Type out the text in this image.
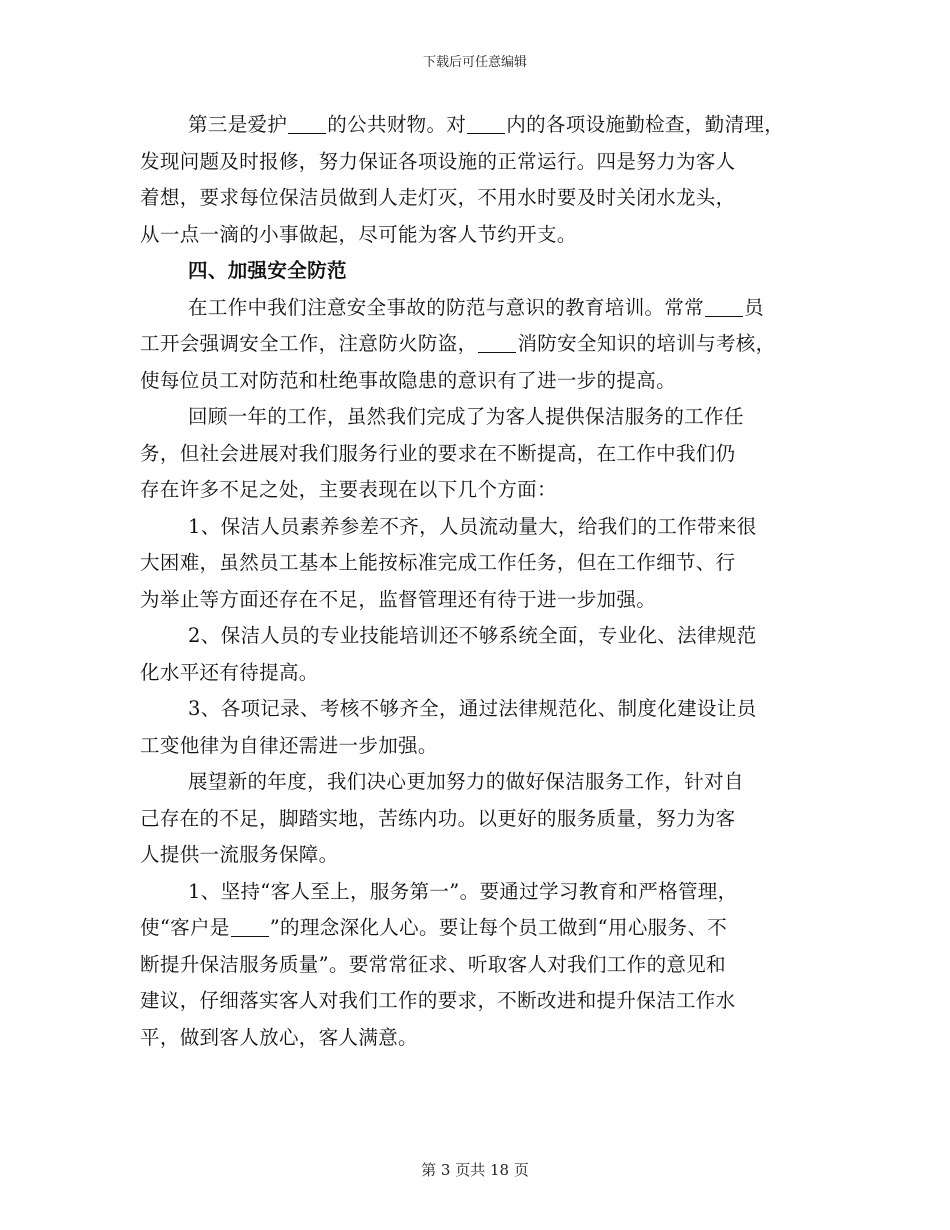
下载后可任意编辑
第三是爱护 的公共财物。对 内的各项设施勤检查，勤清理，
发现问题及时报修，努力保证各项设施的正常运行。四是努力为客人
着想，要求每位保洁员做到人走灯灭，不用水时要及时关闭水龙头，
从一点一滴的小事做起，尽可能为客人节约开支。
四、加强安全防范
在工作中我们注意安全事故的防范与意识的教育培训。常常 员
工开会强调安全工作，注意防火防盗， 消防安全知识的培训与考核，
使每位员工对防范和杜绝事故隐患的意识有了进一步的提高。
回顾一年的工作，虽然我们完成了为客人提供保洁服务的工作任
务，但社会进展对我们服务行业的要求在不断提高，在工作中我们仍
存在许多不足之处，主要表现在以下几个方面：
1、保洁人员素养参差不齐，人员流动量大，给我们的工作带来很
大困难，虽然员工基本上能按标准完成工作任务，但在工作细节、行
为举止等方面还存在不足，监督管理还有待于进一步加强。
2、保洁人员的专业技能培训还不够系统全面，专业化、法律规范
化水平还有待提高。
3、各项记录、考核不够齐全，通过法律规范化、制度化建设让员
工变他律为自律还需进一步加强。
展望新的年度，我们决心更加努力的做好保洁服务工作，针对自
己存在的不足，脚踏实地，苦练内功。以更好的服务质量，努力为客
人提供一流服务保障。
1、坚持“客人至上，服务第一”。要通过学习教育和严格管理，
使“客户是 ”的理念深化人心。要让每个员工做到“用心服务、不
断提升保洁服务质量”。要常常征求、听取客人对我们工作的意见和
建议，仔细落实客人对我们工作的要求，不断改进和提升保洁工作水
平，做到客人放心，客人满意。
第 3 页共 18 页
